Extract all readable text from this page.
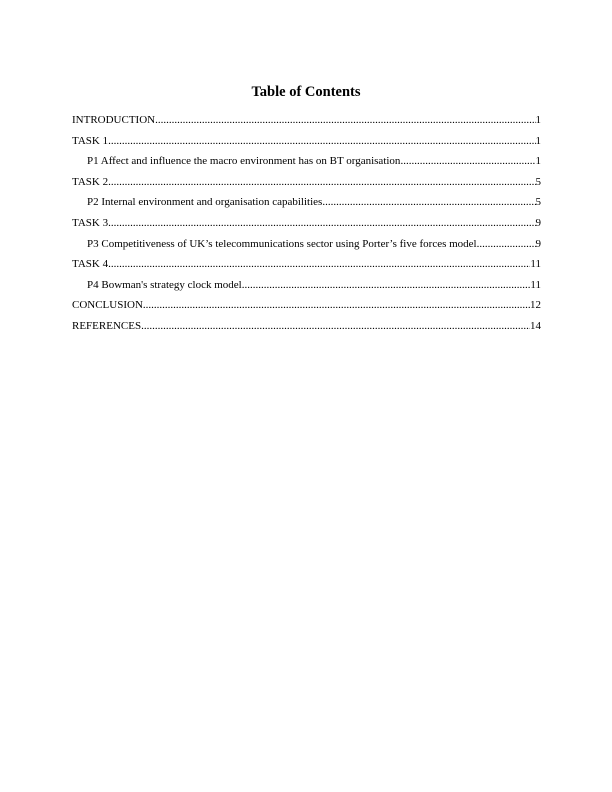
Table of Contents
INTRODUCTION .....	1
TASK 1 .....	1
P1 Affect and influence the macro environment has on BT organisation .....	1
TASK 2 .....	5
P2 Internal environment and organisation capabilities .....	5
TASK 3 .....	9
P3 Competitiveness of UK’s telecommunications sector using Porter’s five forces model .....	9
TASK 4 .....	11
P4 Bowman's strategy clock model .....	11
CONCLUSION .....	12
REFERENCES .....	14
